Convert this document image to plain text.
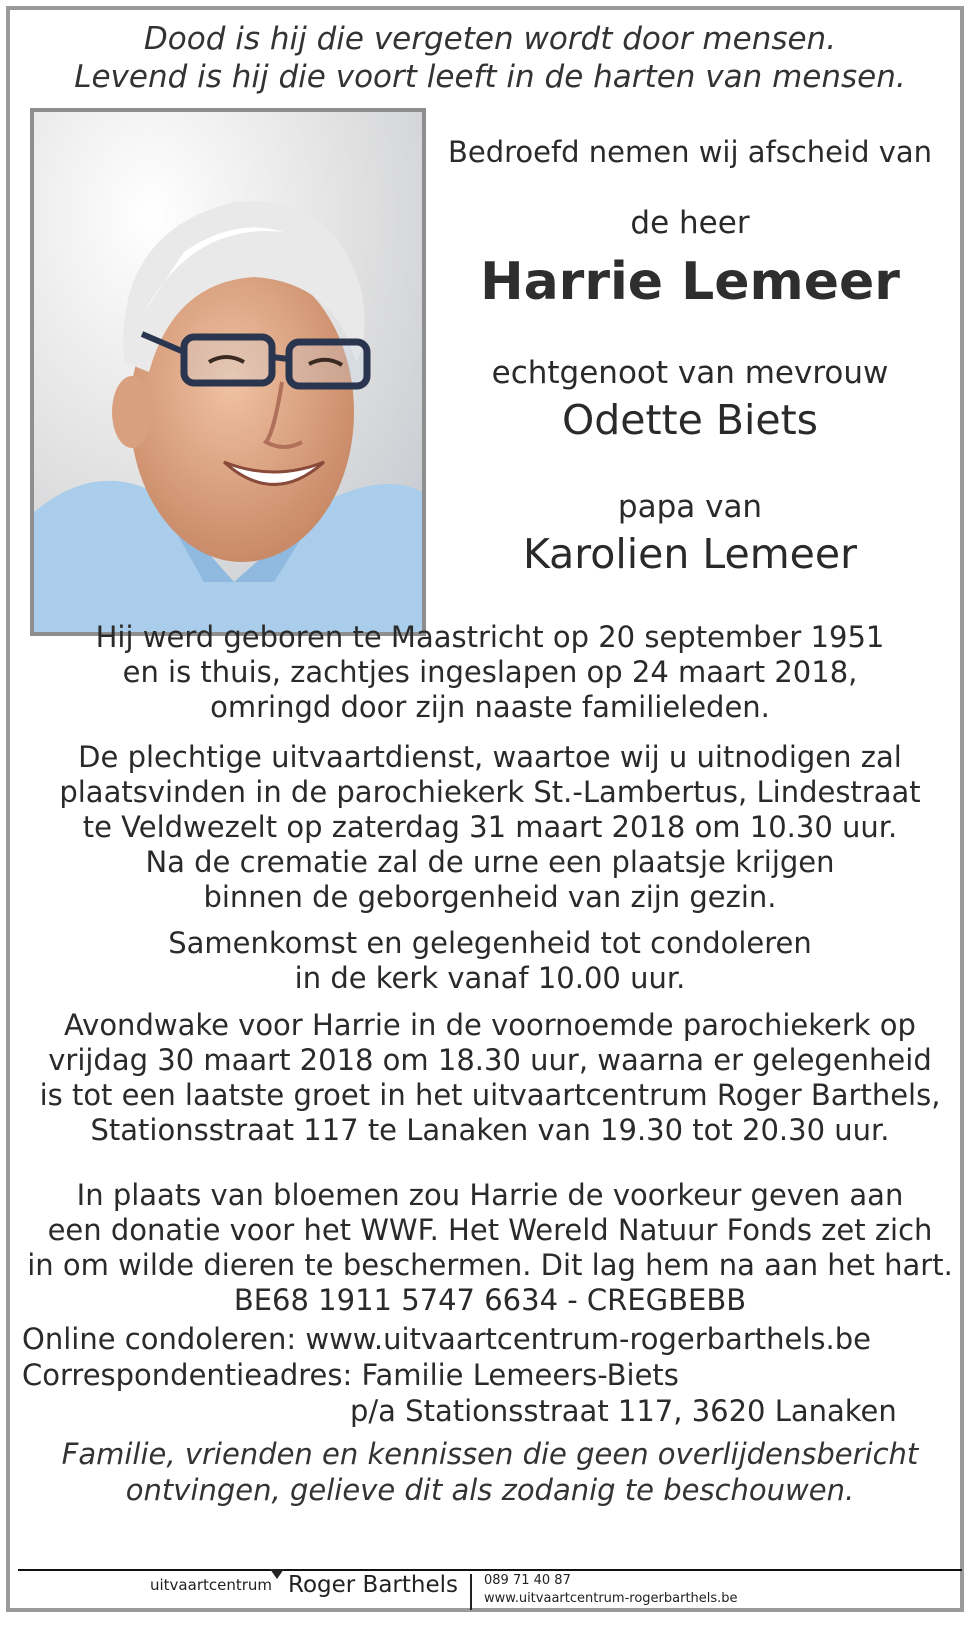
Dood is hij die vergeten wordt door mensen.
Levend is hij die voort leeft in de harten van mensen.
Bedroefd nemen wij afscheid van
de heer
Harrie Lemeer
echtgenoot van mevrouw
Odette Biets
papa van
Karolien Lemeer
Hij werd geboren te Maastricht op 20 september 1951
en is thuis, zachtjes ingeslapen op 24 maart 2018,
omringd door zijn naaste familieleden.
De plechtige uitvaartdienst, waartoe wij u uitnodigen zal
plaatsvinden in de parochiekerk St.-Lambertus, Lindestraat
te Veldwezelt op zaterdag 31 maart 2018 om 10.30 uur.
Na de crematie zal de urne een plaatsje krijgen
binnen de geborgenheid van zijn gezin.
Samenkomst en gelegenheid tot condoleren
in de kerk vanaf 10.00 uur.
Avondwake voor Harrie in de voornoemde parochiekerk op
vrijdag 30 maart 2018 om 18.30 uur, waarna er gelegenheid
is tot een laatste groet in het uitvaartcentrum Roger Barthels,
Stationsstraat 117 te Lanaken van 19.30 tot 20.30 uur.
In plaats van bloemen zou Harrie de voorkeur geven aan
een donatie voor het WWF. Het Wereld Natuur Fonds zet zich
in om wilde dieren te beschermen. Dit lag hem na aan het hart.
BE68 1911 5747 6634 - CREGBEBB
Online condoleren: www.uitvaartcentrum-rogerbarthels.be
Correspondentieadres: Familie Lemeers-Biets
p/a Stationsstraat 117, 3620 Lanaken
Familie, vrienden en kennissen die geen overlijdensbericht
ontvingen, gelieve dit als zodanig te beschouwen.
uitvaartcentrum Roger Barthels 089 71 40 87
www.uitvaartcentrum-rogerbarthels.be
